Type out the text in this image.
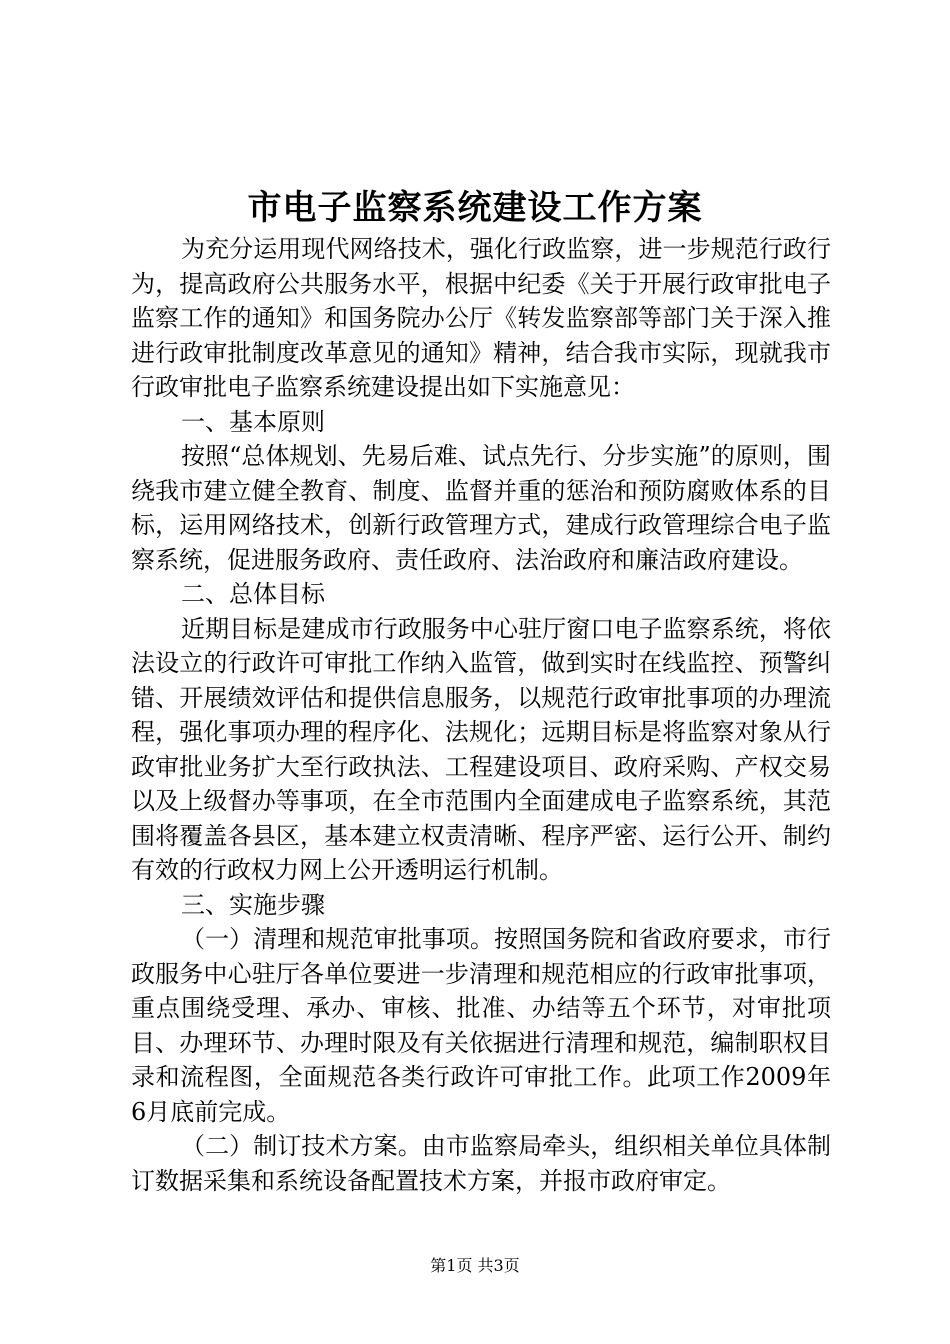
市电子监察系统建设工作方案

为充分运用现代网络技术，强化行政监察，进一步规范行政行为，提高政府公共服务水平，根据中纪委《关于开展行政审批电子监察工作的通知》和国务院办公厅《转发监察部等部门关于深入推进行政审批制度改革意见的通知》精神，结合我市实际，现就我市行政审批电子监察系统建设提出如下实施意见：

一、基本原则

按照“总体规划、先易后难、试点先行、分步实施”的原则，围绕我市建立健全教育、制度、监督并重的惩治和预防腐败体系的目标，运用网络技术，创新行政管理方式，建成行政管理综合电子监察系统，促进服务政府、责任政府、法治政府和廉洁政府建设。

二、总体目标

近期目标是建成市行政服务中心驻厅窗口电子监察系统，将依法设立的行政许可审批工作纳入监管，做到实时在线监控、预警纠错、开展绩效评估和提供信息服务，以规范行政审批事项的办理流程，强化事项办理的程序化、法规化；远期目标是将监察对象从行政审批业务扩大至行政执法、工程建设项目、政府采购、产权交易以及上级督办等事项，在全市范围内全面建成电子监察系统，其范围将覆盖各县区，基本建立权责清晰、程序严密、运行公开、制约有效的行政权力网上公开透明运行机制。

三、实施步骤

（一）清理和规范审批事项。按照国务院和省政府要求，市行政服务中心驻厅各单位要进一步清理和规范相应的行政审批事项，重点围绕受理、承办、审核、批准、办结等五个环节，对审批项目、办理环节、办理时限及有关依据进行清理和规范，编制职权目录和流程图，全面规范各类行政许可审批工作。此项工作2009年6月底前完成。

（二）制订技术方案。由市监察局牵头，组织相关单位具体制订数据采集和系统设备配置技术方案，并报市政府审定。

第1页 共3页
